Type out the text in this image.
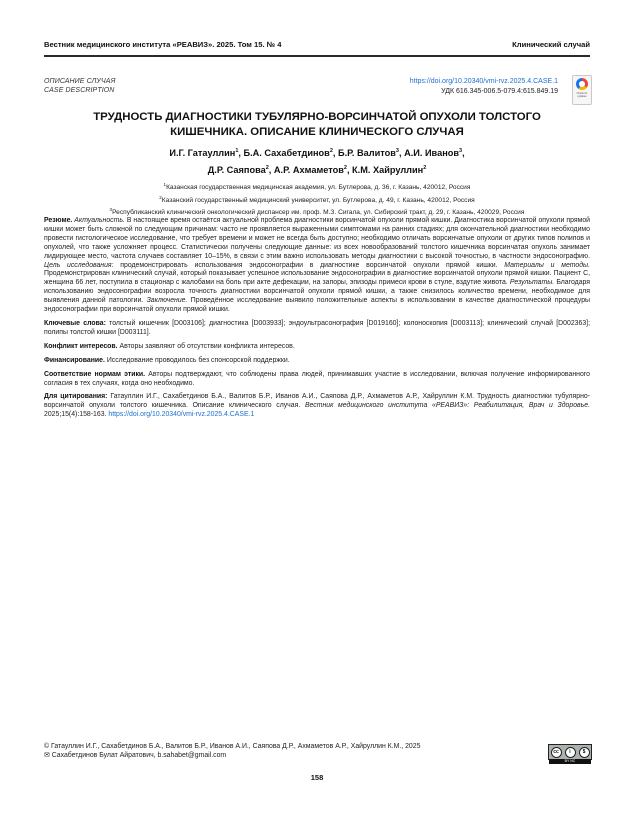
Вестник медицинского института «РЕАВИЗ». 2025. Том 15. № 4	Клинический случай
ОПИСАНИЕ СЛУЧАЯ
CASE DESCRIPTION
https://doi.org/10.20340/vmi-rvz.2025.4.CASE.1
УДК 616.345-006.5-079.4:615.849.19	Check for updates
ТРУДНОСТЬ ДИАГНОСТИКИ ТУБУЛЯРНО-ВОРСИНЧАТОЙ ОПУХОЛИ ТОЛСТОГО КИШЕЧНИКА. ОПИСАНИЕ КЛИНИЧЕСКОГО СЛУЧАЯ
И.Г. Гатауллин$^1$, Б.А. Сахабетдинов$^2$, Б.Р. Валитов$^3$, А.И. Иванов$^3$,
Д.Р. Саяпова$^2$, А.Р. Ахмаметов$^2$, К.М. Хайруллин$^2$
$^1$Казанская государственная медицинская академия, ул. Бутлерова, д. 36, г. Казань, 420012, Россия
$^2$Казанский государственный медицинский университет, ул. Бутлерова, д. 49, г. Казань, 420012, Россия
$^3$Республиканский клинический онкологический диспансер им. проф. М.З. Сигала, ул. Сибирский тракт, д. 29, г. Казань, 420029, Россия

Резюме. Актуальность. В настоящее время остаётся актуальной проблема диагностики ворсинчатой опухоли прямой кишки. Диагностика ворсинчатой опухоли прямой кишки может быть сложной по следующим причинам: часто не проявляется выраженными симптомами на ранних стадиях; для окончательной диагностики необходимо провести гистологическое исследование, что требует времени и может не всегда быть доступно; необходимо отличать ворсинчатые опухоли от других типов полипов и опухолей, что также усложняет процесс. Статистически получены следующие данные: из всех новообразований толстого кишечника ворсинчатая опухоль занимает лидирующее место, частота случаев составляет 10–15%, в связи с этим важно использовать методы диагностики с высокой точностью, в частности эндосонографию. Цель исследования: продемонстрировать использования эндосонографии в диагностике ворсинчатой опухоли прямой кишки. Материалы и методы. Продемонстрирован клинический случай, который показывает успешное использование эндосонографии в диагностике ворсинчатой опухоли прямой кишки. Пациент С, женщина 66 лет, поступила в стационар с жалобами на боль при акте дефекации, на запоры, эпизоды примеси крови в стуле, вздутие живота. Результаты. Благодаря использованию эндосонографии возросла точность диагностики ворсинчатой опухоли прямой кишки, а также снизилось количество времени, необходимое для выявления данной патологии. Заключение. Проведённое исследование выявило положительные аспекты в использовании в качестве диагностической процедуры эндосонографии при ворсинчатой опухоли прямой кишки.

Ключевые слова: толстый кишечник [D003106]; диагностика [D003933]; эндоультрасонография [D019160]; колоноскопия [D003113]; клинический случай [D002363]; полипы толстой кишки [D003111].

Конфликт интересов. Авторы заявляют об отсутствии конфликта интересов.

Финансирование. Исследование проводилось без спонсорской поддержки.

Соответствие нормам этики. Авторы подтверждают, что соблюдены права людей, принимавших участие в исследовании, включая получение информированного согласия в тех случаях, когда оно необходимо.

Для цитирования: Гатауллин И.Г., Сахабетдинов Б.А., Валитов Б.Р., Иванов А.И., Саяпова Д.Р., Ахмаметов А.Р., Хайруллин К.М. Трудность диагностики тубулярно-ворсинчатой опухоли толстого кишечника. Описание клинического случая. Вестник медицинского института «РЕАВИЗ»: Реабилитация, Врач и Здоровье. 2025;15(4):158-163. https://doi.org/10.20340/vmi-rvz.2025.4.CASE.1

© Гатауллин И.Г., Сахабетдинов Б.А., Валитов Б.Р., Иванов А.И., Саяпова Д.Р., Ахмаметов А.Р., Хайруллин К.М., 2025
✉ Сахабетдинов Булат Айратович, b.sahabet@gmail.com
cc	i	$
BY NC
158
